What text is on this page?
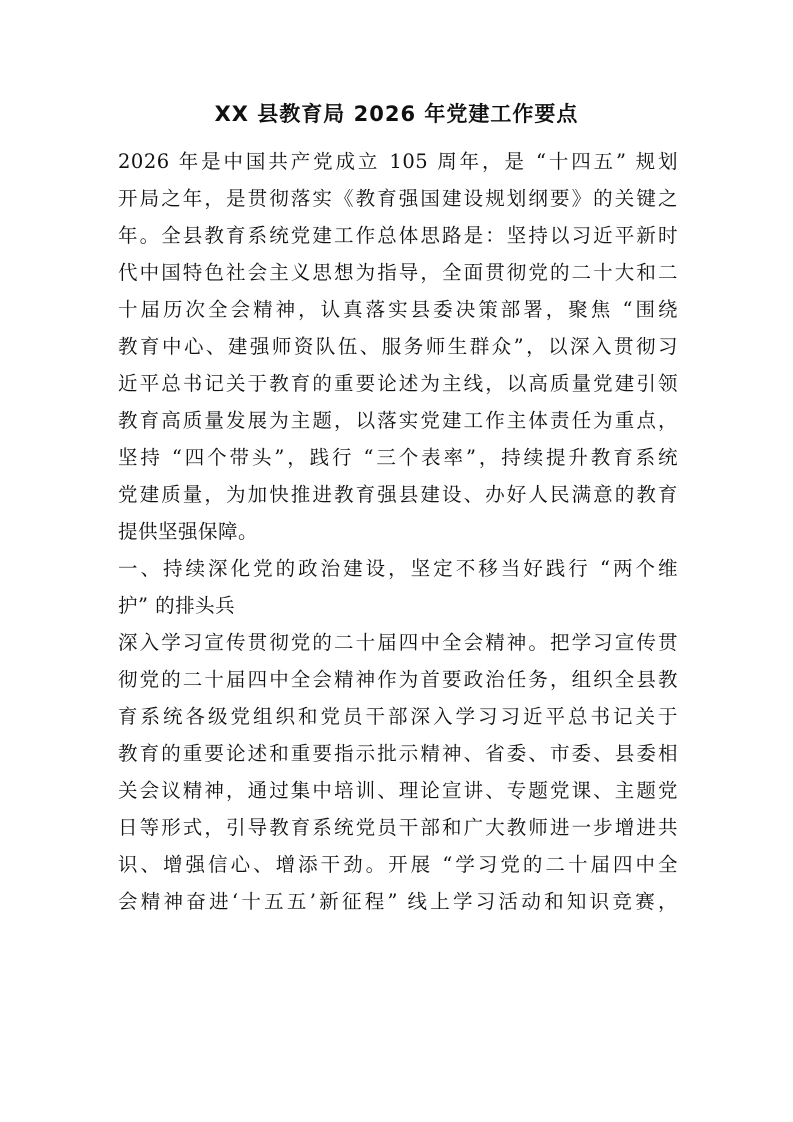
XX 县教育局 2026 年党建工作要点
2026 年是中国共产党成立 105 周年，是 “十四五” 规划
开局之年，是贯彻落实《教育强国建设规划纲要》的关键之
年。全县教育系统党建工作总体思路是：坚持以习近平新时
代中国特色社会主义思想为指导，全面贯彻党的二十大和二
十届历次全会精神，认真落实县委决策部署，聚焦 “围绕
教育中心、建强师资队伍、服务师生群众”，以深入贯彻习
近平总书记关于教育的重要论述为主线，以高质量党建引领
教育高质量发展为主题，以落实党建工作主体责任为重点，
坚持 “四个带头”，践行 “三个表率”，持续提升教育系统
党建质量，为加快推进教育强县建设、办好人民满意的教育
提供坚强保障。
一、持续深化党的政治建设，坚定不移当好践行 “两个维
护” 的排头兵
深入学习宣传贯彻党的二十届四中全会精神。把学习宣传贯
彻党的二十届四中全会精神作为首要政治任务，组织全县教
育系统各级党组织和党员干部深入学习习近平总书记关于
教育的重要论述和重要指示批示精神、省委、市委、县委相
关会议精神，通过集中培训、理论宣讲、专题党课、主题党
日等形式，引导教育系统党员干部和广大教师进一步增进共
识、增强信心、增添干劲。开展 “学习党的二十届四中全
会精神奋进‘十五五’新征程” 线上学习活动和知识竞赛，
